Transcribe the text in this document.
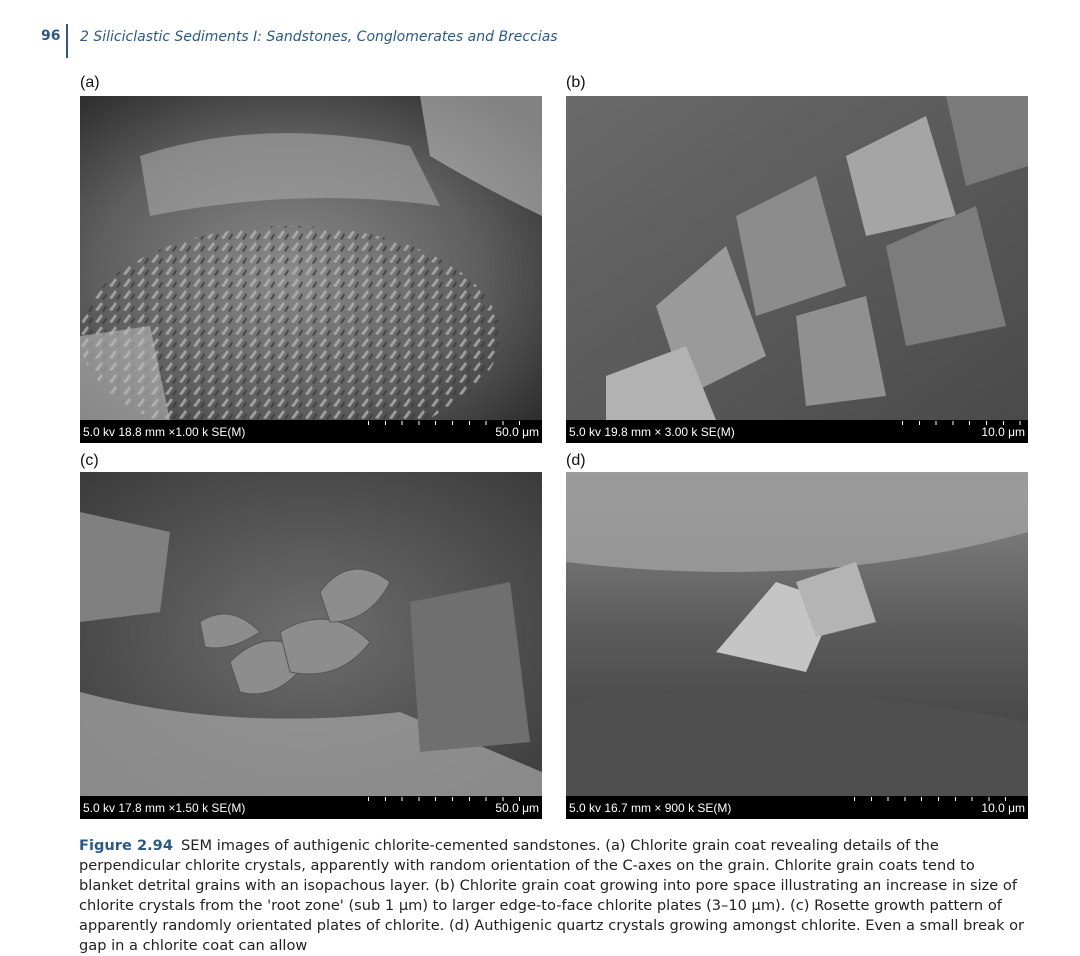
96 2 Siliciclastic Sediments I: Sandstones, Conglomerates and Breccias
(a)
5.0 kv 18.8 mm ×1.00 k SE(M)	50.0 μm
(b)
5.0 kv 19.8 mm × 3.00 k SE(M)	10.0 μm
(c)
5.0 kv 17.8 mm ×1.50 k SE(M)	50.0 μm
(d)
5.0 kv 16.7 mm × 900 k SE(M)	10.0 μm
Figure 2.94 SEM images of authigenic chlorite-cemented sandstones. (a) Chlorite grain coat revealing details of the perpendicular chlorite crystals, apparently with random orientation of the C-axes on the grain. Chlorite grain coats tend to blanket detrital grains with an isopachous layer. (b) Chlorite grain coat growing into pore space illustrating an increase in size of chlorite crystals from the 'root zone' (sub 1 μm) to larger edge-to-face chlorite plates (3–10 μm). (c) Rosette growth pattern of apparently randomly orientated plates of chlorite. (d) Authigenic quartz crystals growing amongst chlorite. Even a small break or gap in a chlorite coat can allow
